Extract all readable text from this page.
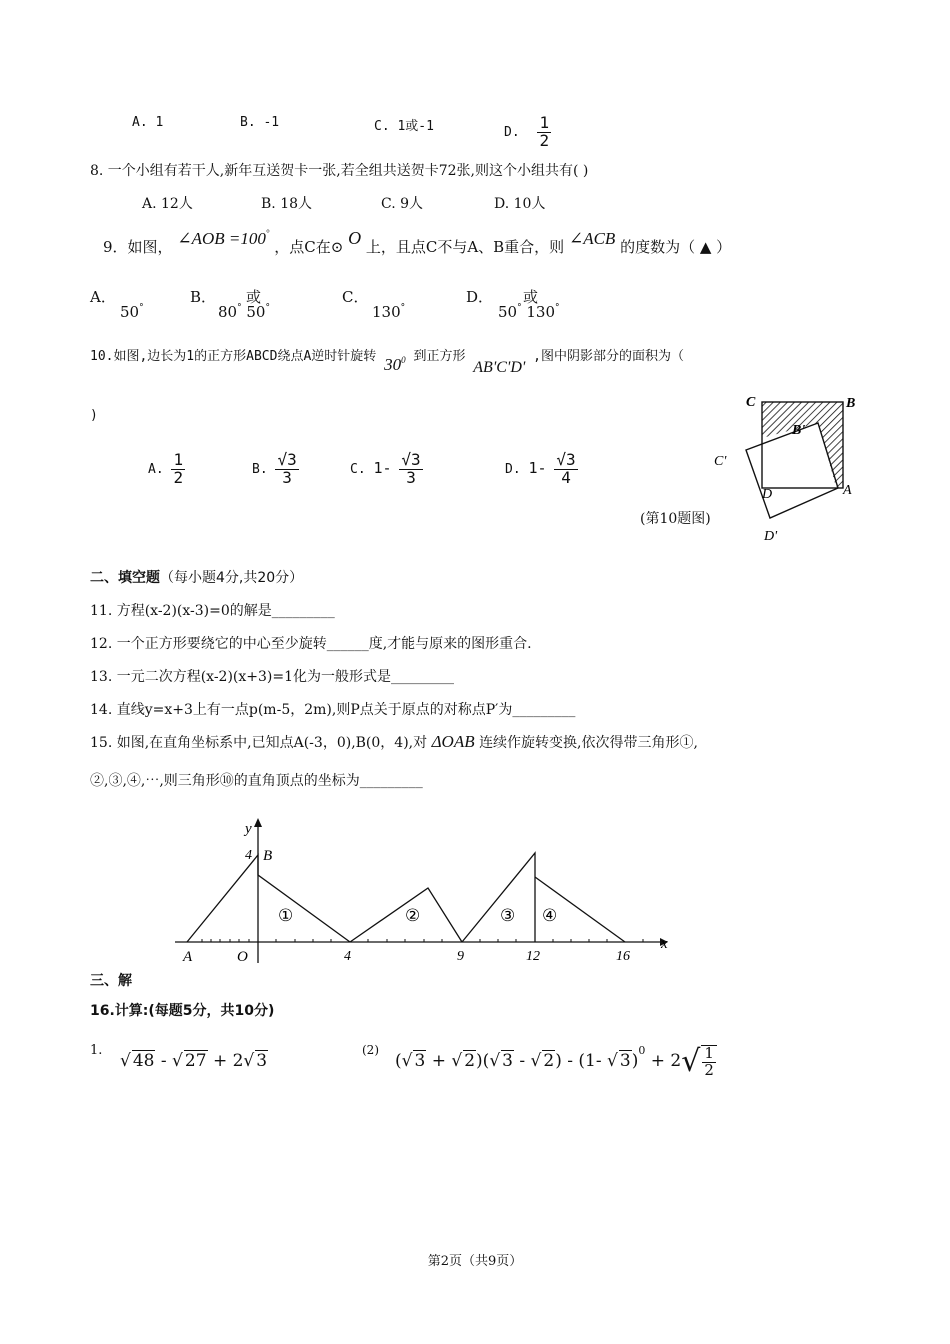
A. 1	B. -1	C. 1或-1	D. $\frac{1}{2}$
8. 一个小组有若干人,新年互送贺卡一张,若全组共送贺卡72张,则这个小组共有( )
A. 12人	B. 18人	C. 9人	D. 10人
9．如图， ∠AOB =100° ，点C在⊙ O 上，且点C不与A、B重合，则 ∠ACB 的度数为（ ▲ ）
A．
50°
B． 或
80° 50°
C．
130°
D． 或
50° 130°
10.如图,边长为1的正方形ABCD绕点A逆时针旋转 $30^0$ 到正方形 AB'C'D' ,图中阴影部分的面积为（
)
A. $\frac{1}{2}$	B. $\frac{√3}{3}$	C. $1- \frac{√3}{3}$	D. $1- \frac{√3}{4}$
C	B
B'
C'
D	A
D'
(第10题图)
二、填空题（每小题4分,共20分）
11. 方程(x-2)(x-3)=0的解是_________
12. 一个正方形要绕它的中心至少旋转______度,才能与原来的图形重合.
13. 一元二次方程(x-2)(x+3)=1化为一般形式是_________
14. 直线y=x+3上有一点p(m-5，2m),则P点关于原点的对称点P′为_________
15. 如图,在直角坐标系中,已知点A(-3，0),B(0，4),对 ΔOAB 连续作旋转变换,依次得带三角形①,
②,③,④,⋯,则三角形⑩的直角顶点的坐标为_________
y
x
4 B
A	O	4	9	12	16
①	②	③ ④
三、解
16.计算:(每题5分，共10分)
1.
√ 48 - √ 27 + 2√ 3
(2)
(√ 3 + √ 2)(√ 3 - √ 2) - (1- √ $3)^0 + 2√ \frac{1}{2}$
第2页（共9页）
